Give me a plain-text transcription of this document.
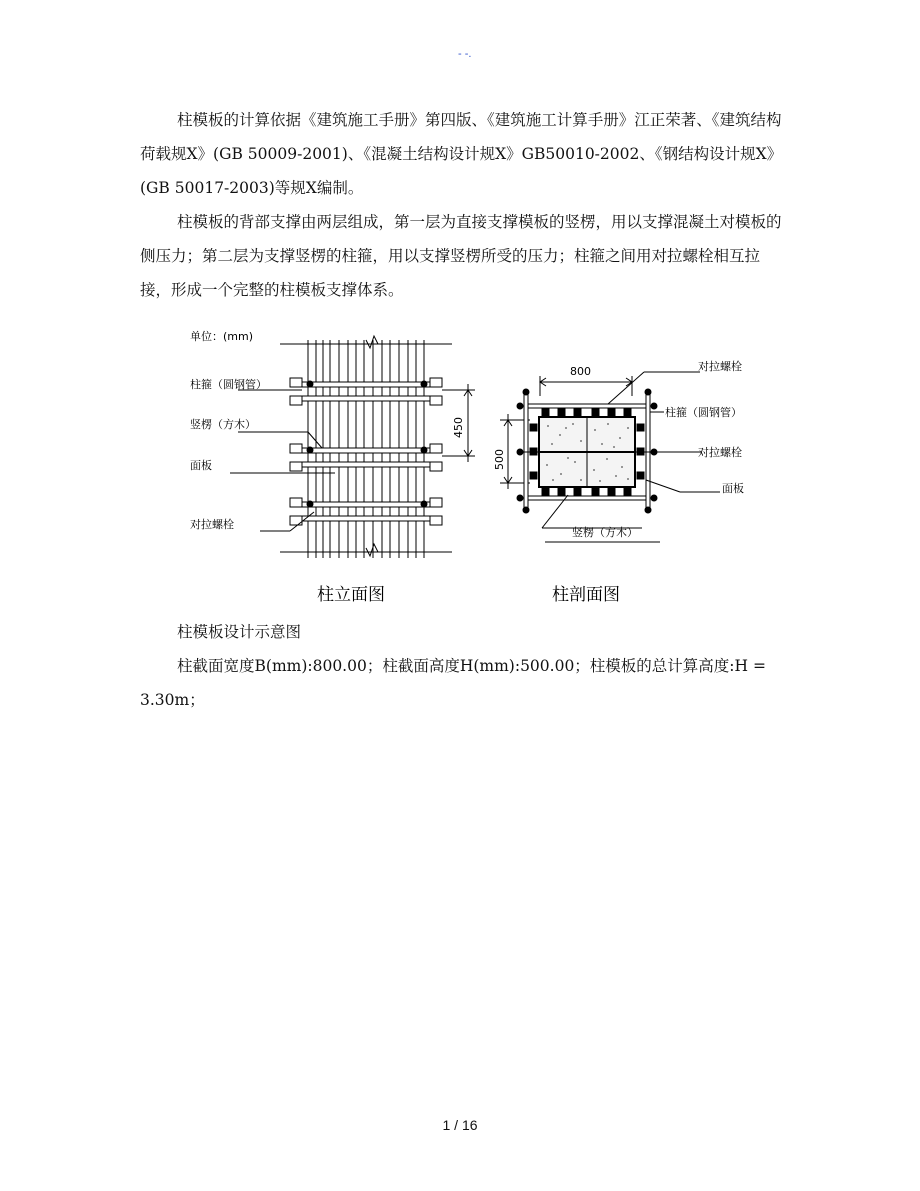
- -.

柱模板的计算依据《建筑施工手册》第四版、《建筑施工计算手册》江正荣著、《建筑结构荷载规X》(GB 50009-2001)、《混凝土结构设计规X》GB50010-2002、《钢结构设计规X》(GB 50017-2003)等规X编制。

柱模板的背部支撑由两层组成，第一层为直接支撑模板的竖楞，用以支撑混凝土对模板的侧压力；第二层为支撑竖楞的柱箍，用以支撑竖楞所受的压力；柱箍之间用对拉螺栓相互拉接，形成一个完整的柱模板支撑体系。

单位：(mm)
450
柱箍（圆钢管）
竖楞（方木）
面板
对拉螺栓
柱立面图
800
500
对拉螺栓
柱箍（圆钢管）
对拉螺栓
面板
竖楞（方木）
柱剖面图

柱模板设计示意图

柱截面宽度B(mm):800.00；柱截面高度H(mm):500.00；柱模板的总计算高度:H = 3.30m；

1 / 16
